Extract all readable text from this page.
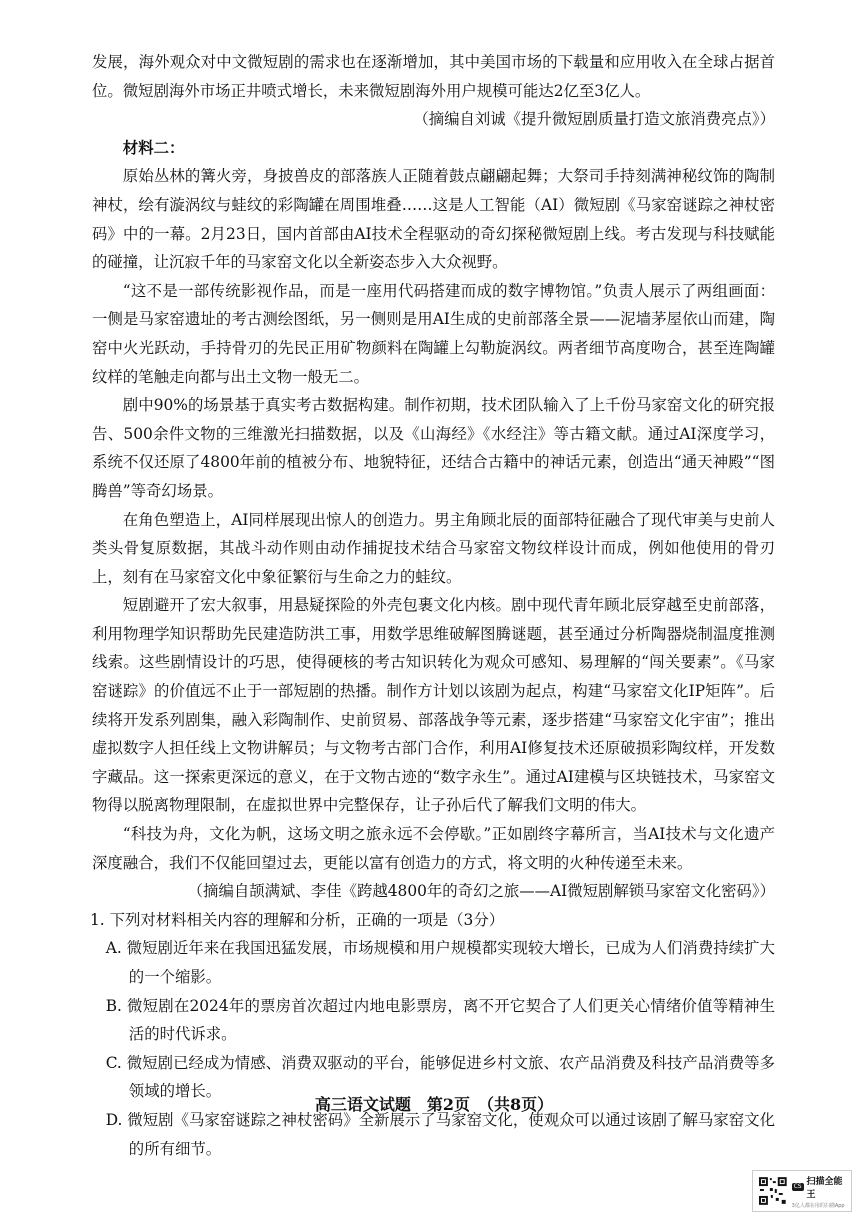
发展，海外观众对中文微短剧的需求也在逐渐增加，其中美国市场的下载量和应用收入在全球占据首位。微短剧海外市场正井喷式增长，未来微短剧海外用户规模可能达2亿至3亿人。

（摘编自刘诚《提升微短剧质量打造文旅消费亮点》）

材料二：

原始丛林的篝火旁，身披兽皮的部落族人正随着鼓点翩翩起舞；大祭司手持刻满神秘纹饰的陶制神杖，绘有漩涡纹与蛙纹的彩陶罐在周围堆叠……这是人工智能（AI）微短剧《马家窑谜踪之神杖密码》中的一幕。2月23日，国内首部由AI技术全程驱动的奇幻探秘微短剧上线。考古发现与科技赋能的碰撞，让沉寂千年的马家窑文化以全新姿态步入大众视野。

“这不是一部传统影视作品，而是一座用代码搭建而成的数字博物馆。”负责人展示了两组画面：一侧是马家窑遗址的考古测绘图纸，另一侧则是用AI生成的史前部落全景——泥墙茅屋依山而建，陶窑中火光跃动，手持骨刃的先民正用矿物颜料在陶罐上勾勒旋涡纹。两者细节高度吻合，甚至连陶罐纹样的笔触走向都与出土文物一般无二。

剧中90%的场景基于真实考古数据构建。制作初期，技术团队输入了上千份马家窑文化的研究报告、500余件文物的三维激光扫描数据，以及《山海经》《水经注》等古籍文献。通过AI深度学习，系统不仅还原了4800年前的植被分布、地貌特征，还结合古籍中的神话元素，创造出“通天神殿”“图腾兽”等奇幻场景。

在角色塑造上，AI同样展现出惊人的创造力。男主角顾北辰的面部特征融合了现代审美与史前人类头骨复原数据，其战斗动作则由动作捕捉技术结合马家窑文物纹样设计而成，例如他使用的骨刃上，刻有在马家窑文化中象征繁衍与生命之力的蛙纹。

短剧避开了宏大叙事，用悬疑探险的外壳包裹文化内核。剧中现代青年顾北辰穿越至史前部落，利用物理学知识帮助先民建造防洪工事，用数学思维破解图腾谜题，甚至通过分析陶器烧制温度推测线索。这些剧情设计的巧思，使得硬核的考古知识转化为观众可感知、易理解的“闯关要素”。《马家窑谜踪》的价值远不止于一部短剧的热播。制作方计划以该剧为起点，构建“马家窑文化IP矩阵”。后续将开发系列剧集，融入彩陶制作、史前贸易、部落战争等元素，逐步搭建“马家窑文化宇宙”；推出虚拟数字人担任线上文物讲解员；与文物考古部门合作，利用AI修复技术还原破损彩陶纹样，开发数字藏品。这一探索更深远的意义，在于文物古迹的“数字永生”。通过AI建模与区块链技术，马家窑文物得以脱离物理限制，在虚拟世界中完整保存，让子孙后代了解我们文明的伟大。

“科技为舟，文化为帆，这场文明之旅永远不会停歇。”正如剧终字幕所言，当AI技术与文化遗产深度融合，我们不仅能回望过去，更能以富有创造力的方式，将文明的火种传递至未来。

（摘编自颉满斌、李佳《跨越4800年的奇幻之旅——AI微短剧解锁马家窑文化密码》）

1. 下列对材料相关内容的理解和分析，正确的一项是（3分）

A. 微短剧近年来在我国迅猛发展，市场规模和用户规模都实现较大增长，已成为人们消费持续扩大的一个缩影。

B. 微短剧在2024年的票房首次超过内地电影票房，离不开它契合了人们更关心情绪价值等精神生活的时代诉求。

C. 微短剧已经成为情感、消费双驱动的平台，能够促进乡村文旅、农产品消费及科技产品消费等多领域的增长。

D. 微短剧《马家窑谜踪之神杖密码》全新展示了马家窑文化，使观众可以通过该剧了解马家窑文化的所有细节。

高三语文试题　第2页　（共8页）
CS 扫描全能王
3亿人都在用的扫描App
